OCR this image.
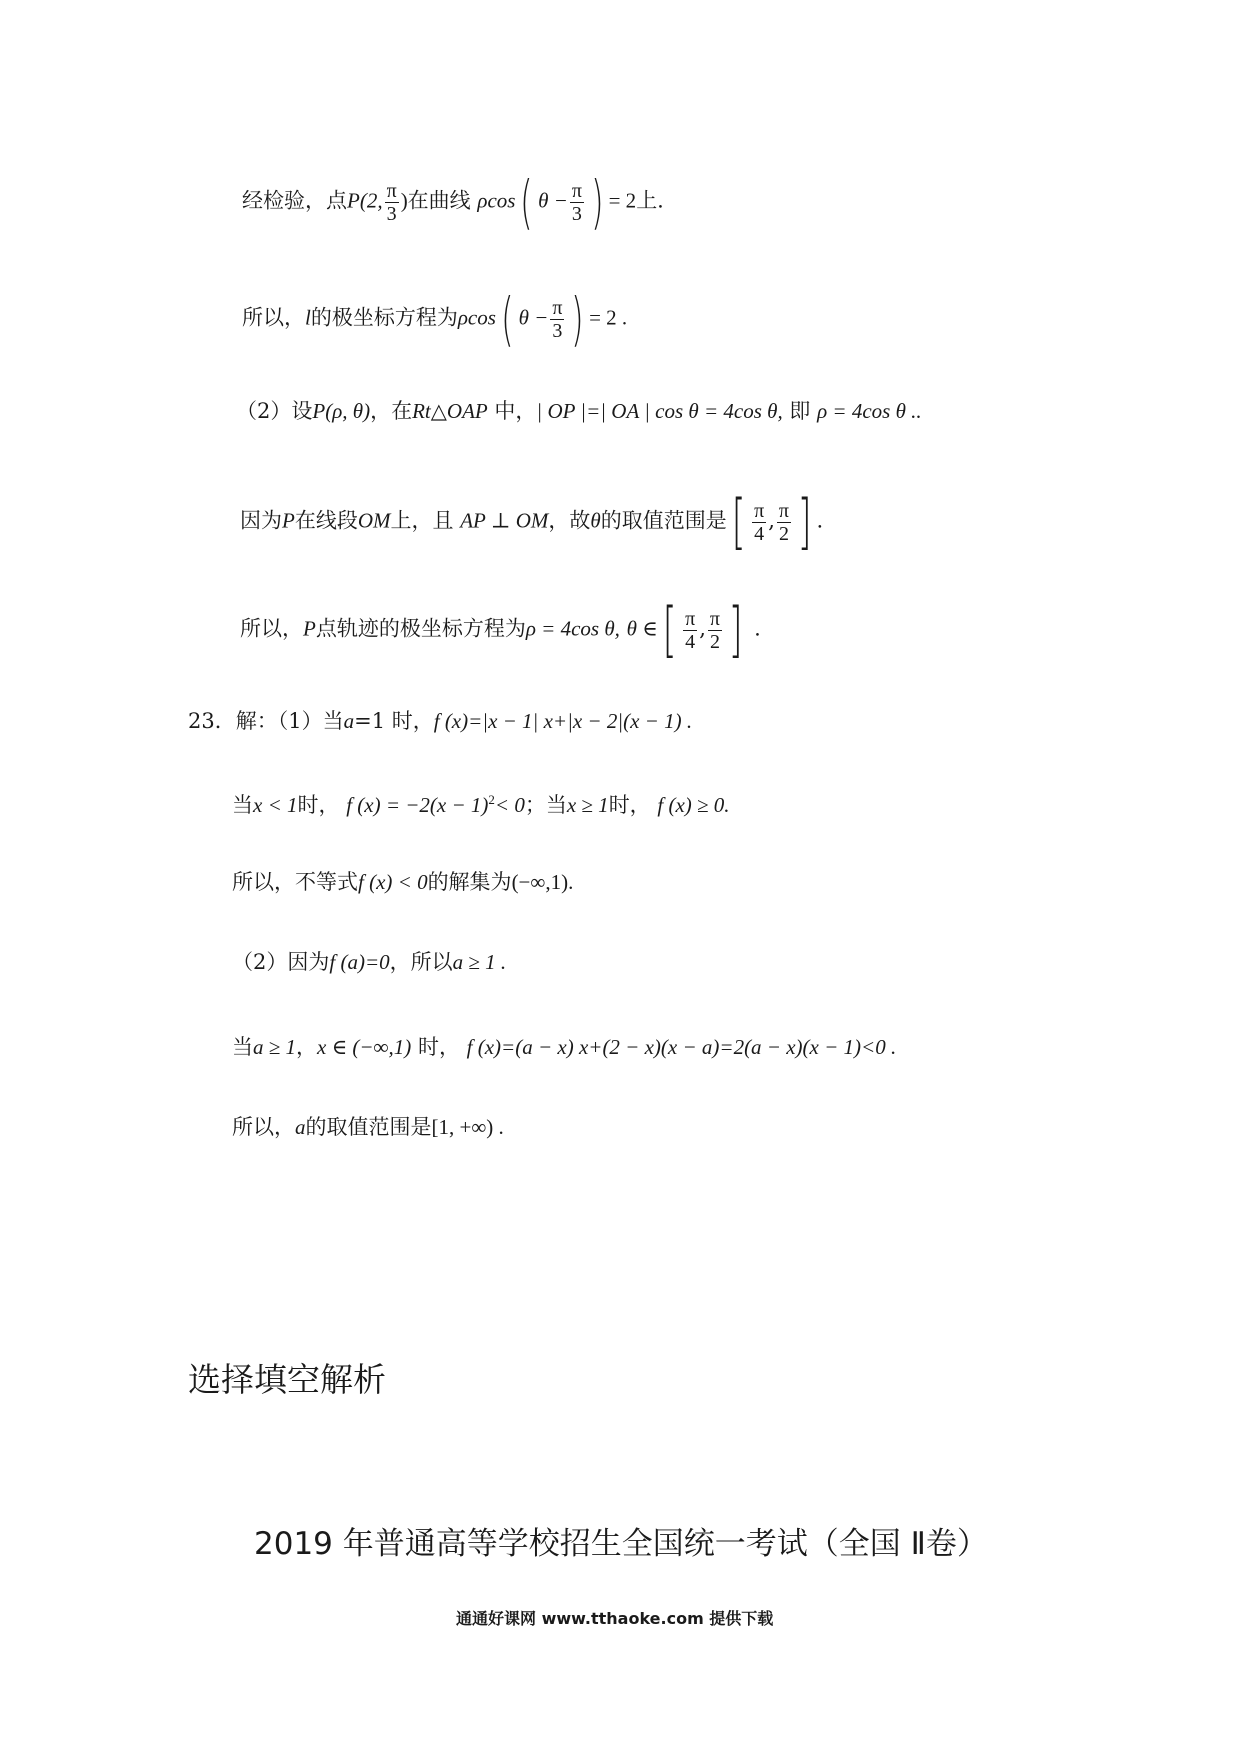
经检验，点P(2, $\frac{\pi}{3}$ )在曲线 ρcos( $\theta - \frac{\pi}{3}$ ) = 2上.
所以，l的极坐标方程为ρcos( $\theta - \frac{\pi}{3}$ ) = 2 .
（2）设P(ρ, θ)，在Rt△OAP 中，| OP |=| OA | cos θ = 4cos θ, 即 ρ = 4cos θ ..
因为P在线段OM上，且 AP ⊥ OM，故θ的取值范围是[ $\frac{\pi}{4}$ , $\frac{\pi}{2}$ ] .
所以，P点轨迹的极坐标方程为ρ = 4cos θ, θ ∈[ $\frac{\pi}{4}$ , $\frac{\pi}{2}$ ] .
23．解：（1）当a=1 时，f (x)=|x − 1| x+|x − 2|(x − 1) .
当x < 1时， f $(x) = -2(x - 1)^2< 0$；当x ≥ 1时， f (x) ≥ 0.
所以，不等式f (x) < 0的解集为(−∞,1).
（2）因为f (a)=0，所以a ≥ 1 .
当a ≥ 1，x ∈ (−∞,1) 时， f (x)=(a − x) x+(2 − x)(x − a)=2(a − x)(x − 1)<0 .
所以，a的取值范围是[1, +∞) .
选择填空解析
2019 年普通高等学校招生全国统一考试（全国 Ⅱ卷）
通通好课网 www.tthaoke.com 提供下载
